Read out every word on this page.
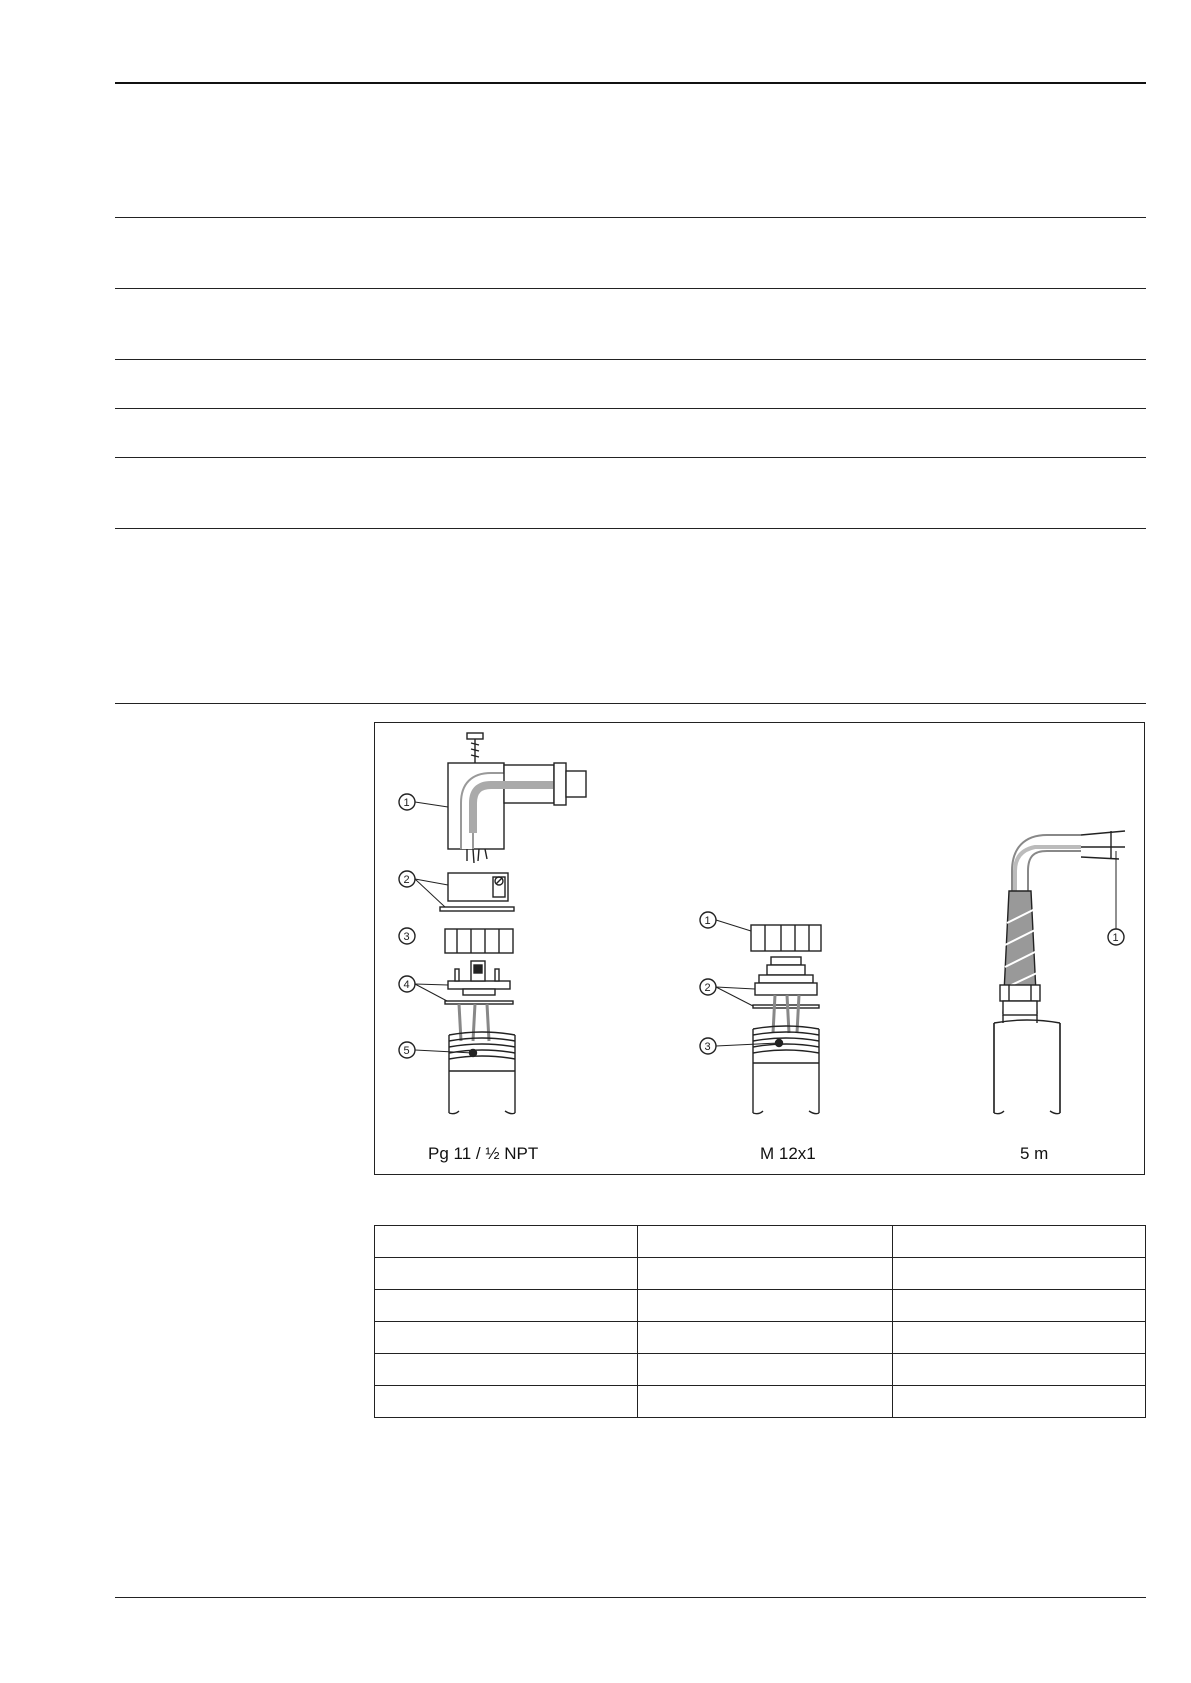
1
2
3
4
5
1
2
3
1
Pg 11 / ½ NPT	M 12x1	5 m
